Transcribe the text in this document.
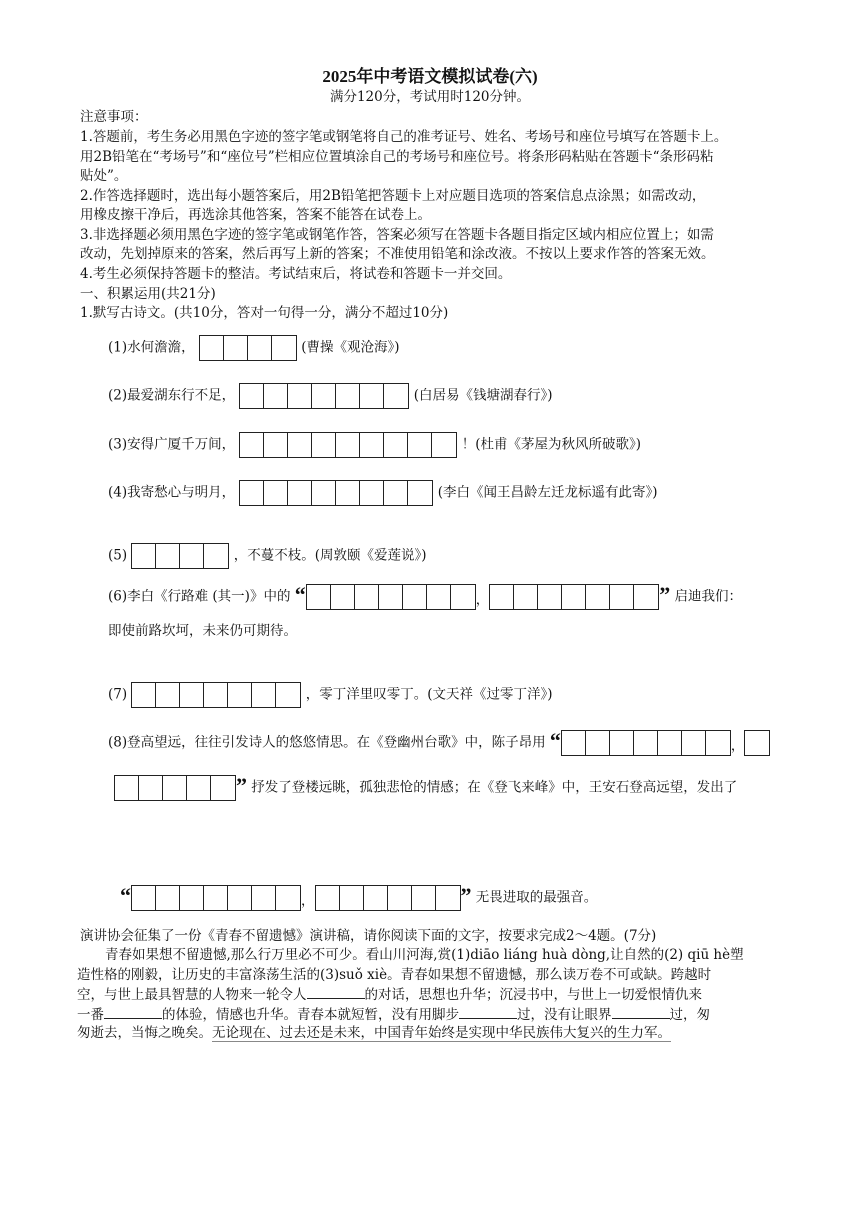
2025年中考语文模拟试卷(六)
满分120分，考试用时120分钟。
注意事项：
1.答题前，考生务必用黑色字迹的签字笔或钢笔将自己的准考证号、姓名、考场号和座位号填写在答题卡上。
用2B铅笔在“考场号”和“座位号”栏相应位置填涂自己的考场号和座位号。将条形码粘贴在答题卡“条形码粘
贴处”。
2.作答选择题时，选出每小题答案后，用2B铅笔把答题卡上对应题目选项的答案信息点涂黑；如需改动，
用橡皮擦干净后，再选涂其他答案，答案不能答在试卷上。
3.非选择题必须用黑色字迹的签字笔或钢笔作答，答案必须写在答题卡各题目指定区域内相应位置上；如需
改动，先划掉原来的答案，然后再写上新的答案；不准使用铅笔和涂改液。不按以上要求作答的答案无效。
4.考生必须保持答题卡的整洁。考试结束后，将试卷和答题卡一并交回。
一、积累运用(共21分)
1.默写古诗文。(共10分，答对一句得一分，满分不超过10分)
(1)水何澹澹，	(曹操《观沧海》)
(2)最爱湖东行不足，	(白居易《钱塘湖春行》)
(3)安得广厦千万间，	！(杜甫《茅屋为秋风所破歌》)
(4)我寄愁心与明月，	(李白《闻王昌龄左迁龙标遥有此寄》)
(5)	，不蔓不枝。(周敦颐《爱莲说》)
(6)李白《行路难 (其一)》中的 “	，	” 启迪我们：
即使前路坎坷，未来仍可期待。
(7)	，零丁洋里叹零丁。(文天祥《过零丁洋》)
(8)登高望远，往往引发诗人的悠悠情思。在《登幽州台歌》中，陈子昂用 “	，
” 抒发了登楼远眺，孤独悲怆的情感；在《登飞来峰》中，王安石登高远望，发出了
“	，	” 无畏进取的最强音。
演讲协会征集了一份《青春不留遗憾》演讲稿，请你阅读下面的文字，按要求完成2～4题。(7分)
青春如果想不留遗憾,那么行万里必不可少。看山川河海,赏(1)diāo liáng huà dòng,让自然的(2) qiū hè塑
造性格的刚毅，让历史的丰富涤荡生活的(3)suǒ xiè。青春如果想不留遗憾，那么读万卷不可或缺。跨越时
空，与世上最具智慧的人物来一轮令人	的对话，思想也升华；沉浸书中，与世上一切爱恨情仇来
一番	的体验，情感也升华。青春本就短暂，没有用脚步	过，没有让眼界	过，匆
匆逝去，当悔之晚矣。无论现在、过去还是未来，中国青年始终是实现中华民族伟大复兴的生力军。
